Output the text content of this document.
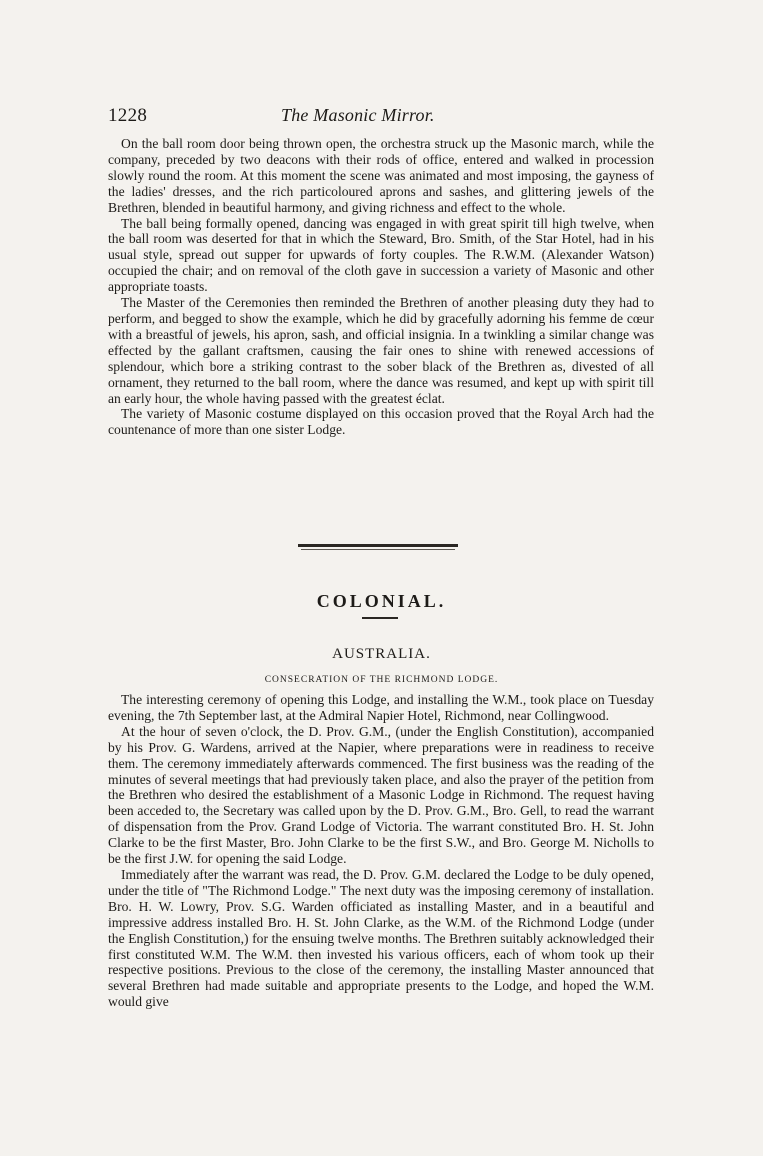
1228	The Masonic Mirror.

On the ball room door being thrown open, the orchestra struck up the Masonic march, while the company, preceded by two deacons with their rods of office, entered and walked in procession slowly round the room. At this moment the scene was animated and most imposing, the gayness of the ladies' dresses, and the rich particoloured aprons and sashes, and glittering jewels of the Brethren, blended in beautiful harmony, and giving richness and effect to the whole.

The ball being formally opened, dancing was engaged in with great spirit till high twelve, when the ball room was deserted for that in which the Steward, Bro. Smith, of the Star Hotel, had in his usual style, spread out supper for upwards of forty couples. The R.W.M. (Alexander Watson) occupied the chair; and on removal of the cloth gave in succession a variety of Masonic and other appropriate toasts.

The Master of the Ceremonies then reminded the Brethren of another pleasing duty they had to perform, and begged to show the example, which he did by gracefully adorning his femme de cœur with a breastful of jewels, his apron, sash, and official insignia. In a twinkling a similar change was effected by the gallant craftsmen, causing the fair ones to shine with renewed accessions of splendour, which bore a striking contrast to the sober black of the Brethren as, divested of all ornament, they returned to the ball room, where the dance was resumed, and kept up with spirit till an early hour, the whole having passed with the greatest éclat.

The variety of Masonic costume displayed on this occasion proved that the Royal Arch had the countenance of more than one sister Lodge.

COLONIAL.
AUSTRALIA.
CONSECRATION OF THE RICHMOND LODGE.

The interesting ceremony of opening this Lodge, and installing the W.M., took place on Tuesday evening, the 7th September last, at the Admiral Napier Hotel, Richmond, near Collingwood.

At the hour of seven o'clock, the D. Prov. G.M., (under the English Constitution), accompanied by his Prov. G. Wardens, arrived at the Napier, where preparations were in readiness to receive them. The ceremony immediately afterwards commenced. The first business was the reading of the minutes of several meetings that had previously taken place, and also the prayer of the petition from the Brethren who desired the establishment of a Masonic Lodge in Richmond. The request having been acceded to, the Secretary was called upon by the D. Prov. G.M., Bro. Gell, to read the warrant of dispensation from the Prov. Grand Lodge of Victoria. The warrant constituted Bro. H. St. John Clarke to be the first Master, Bro. John Clarke to be the first S.W., and Bro. George M. Nicholls to be the first J.W. for opening the said Lodge.

Immediately after the warrant was read, the D. Prov. G.M. declared the Lodge to be duly opened, under the title of "The Richmond Lodge." The next duty was the imposing ceremony of installation. Bro. H. W. Lowry, Prov. S.G. Warden officiated as installing Master, and in a beautiful and impressive address installed Bro. H. St. John Clarke, as the W.M. of the Richmond Lodge (under the English Constitution,) for the ensuing twelve months. The Brethren suitably acknowledged their first constituted W.M. The W.M. then invested his various officers, each of whom took up their respective positions. Previous to the close of the ceremony, the installing Master announced that several Brethren had made suitable and appropriate presents to the Lodge, and hoped the W.M. would give
